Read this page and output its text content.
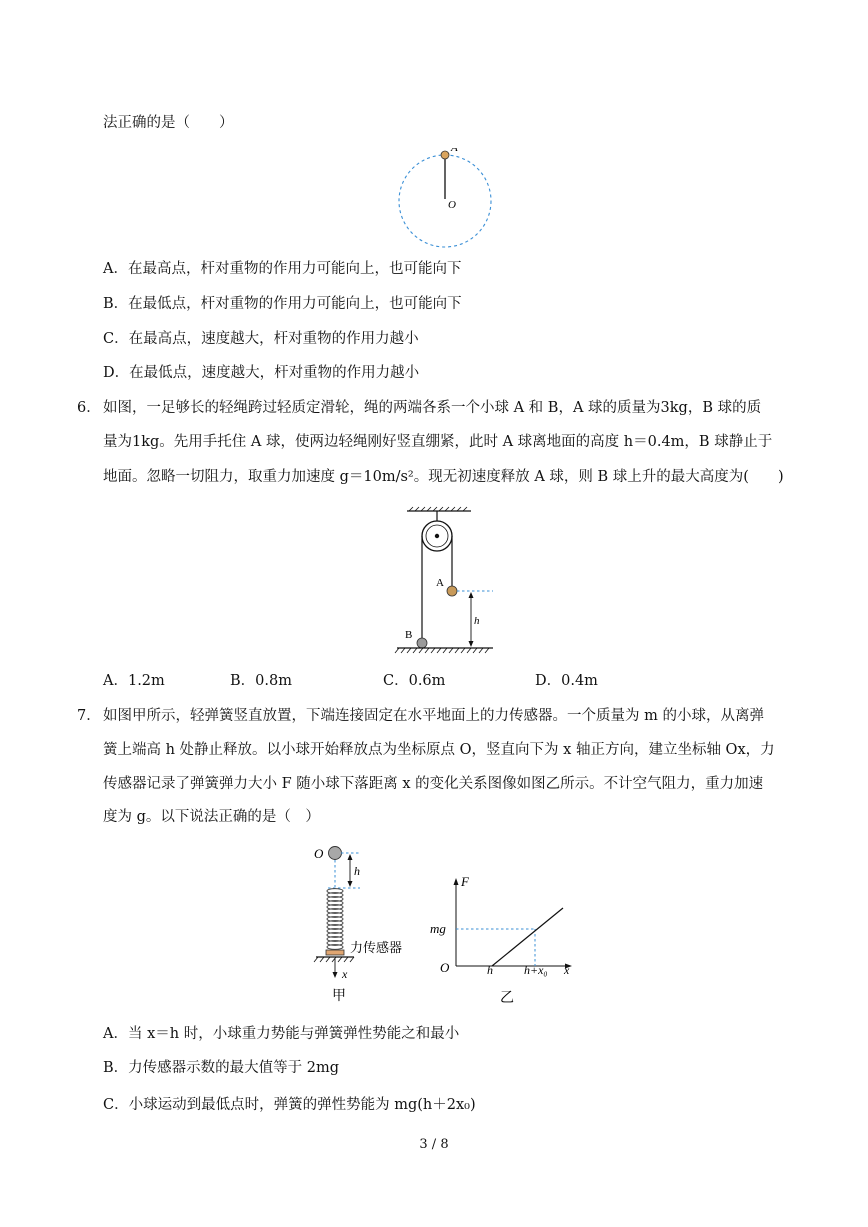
法正确的是（　　）
A
O
A．在最高点，杆对重物的作用力可能向上，也可能向下
B．在最低点，杆对重物的作用力可能向上，也可能向下
C．在最高点，速度越大，杆对重物的作用力越小
D．在最低点，速度越大，杆对重物的作用力越小
6． 如图，一足够长的轻绳跨过轻质定滑轮，绳的两端各系一个小球 A 和 B，A 球的质量为3kg，B 球的质
量为1kg。先用手托住 A 球，使两边轻绳刚好竖直绷紧，此时 A 球离地面的高度 h＝0.4m，B 球静止于
地面。忽略一切阻力，取重力加速度 g＝10m/s²。现无初速度释放 A 球，则 B 球上升的最大高度为(　　)
A
B
h
A．1.2m	B．0.8m	C．0.6m	D．0.4m
7． 如图甲所示，轻弹簧竖直放置，下端连接固定在水平地面上的力传感器。一个质量为 m 的小球，从离弹
簧上端高 h 处静止释放。以小球开始释放点为坐标原点 O，竖直向下为 x 轴正方向，建立坐标轴 Ox，力
传感器记录了弹簧弹力大小 F 随小球下落距离 x 的变化关系图像如图乙所示。不计空气阻力，重力加速
度为 g。以下说法正确的是（　）
O
h
力传感器
x
甲
F
mg
O	h	h+x₀ x
乙
A．当 x＝h 时，小球重力势能与弹簧弹性势能之和最小
B．力传感器示数的最大值等于 2mg
C．小球运动到最低点时，弹簧的弹性势能为 mg(h＋2x₀)
3 / 8
